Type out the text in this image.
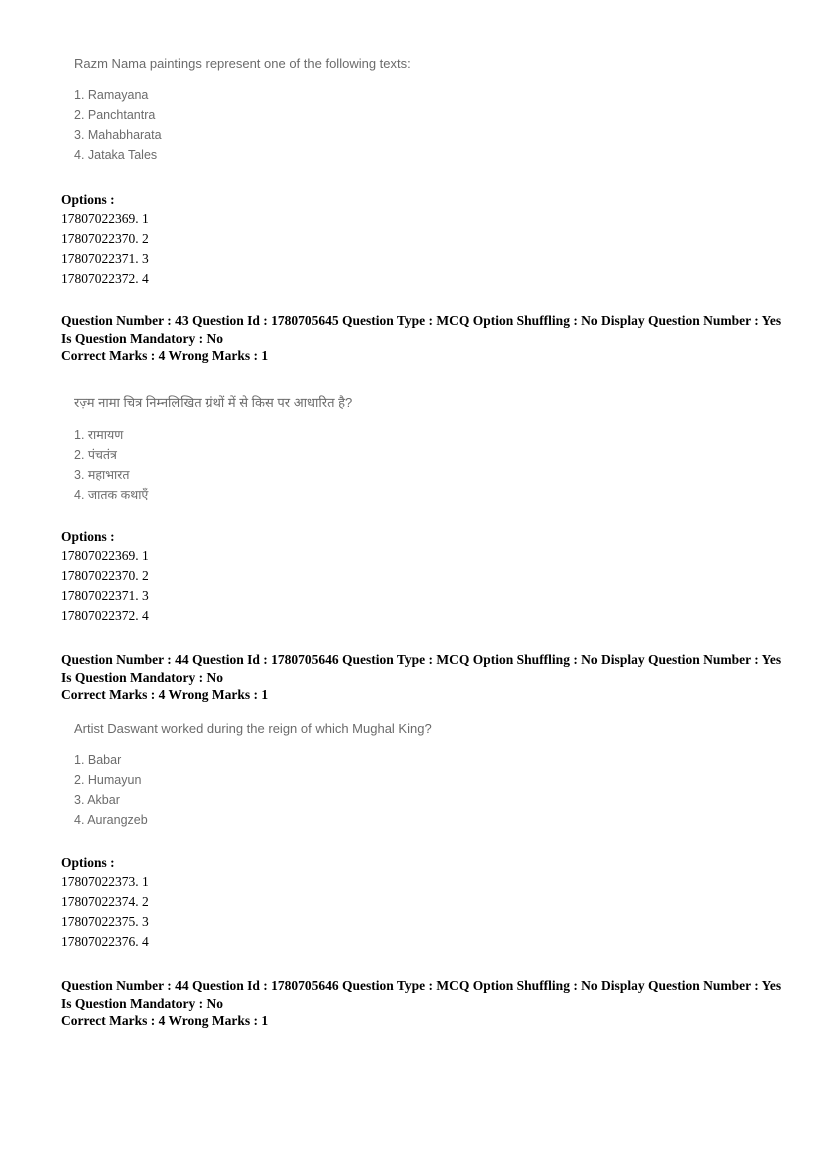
Razm Nama paintings represent one of the following texts:
1. Ramayana
2. Panchtantra
3. Mahabharata
4. Jataka Tales
Options :
17807022369. 1
17807022370. 2
17807022371. 3
17807022372. 4
Question Number : 43 Question Id : 1780705645 Question Type : MCQ Option Shuffling : No Display Question Number : Yes
Is Question Mandatory : No
Correct Marks : 4 Wrong Marks : 1
रज़्म नामा चित्र निम्नलिखित ग्रंथों में से किस पर आधारित है?
1. रामायण
2. पंचतंत्र
3. महाभारत
4. जातक कथाएँ
Options :
17807022369. 1
17807022370. 2
17807022371. 3
17807022372. 4
Question Number : 44 Question Id : 1780705646 Question Type : MCQ Option Shuffling : No Display Question Number : Yes
Is Question Mandatory : No
Correct Marks : 4 Wrong Marks : 1
Artist Daswant worked during the reign of which Mughal King?
1. Babar
2. Humayun
3. Akbar
4. Aurangzeb
Options :
17807022373. 1
17807022374. 2
17807022375. 3
17807022376. 4
Question Number : 44 Question Id : 1780705646 Question Type : MCQ Option Shuffling : No Display Question Number : Yes
Is Question Mandatory : No
Correct Marks : 4 Wrong Marks : 1
